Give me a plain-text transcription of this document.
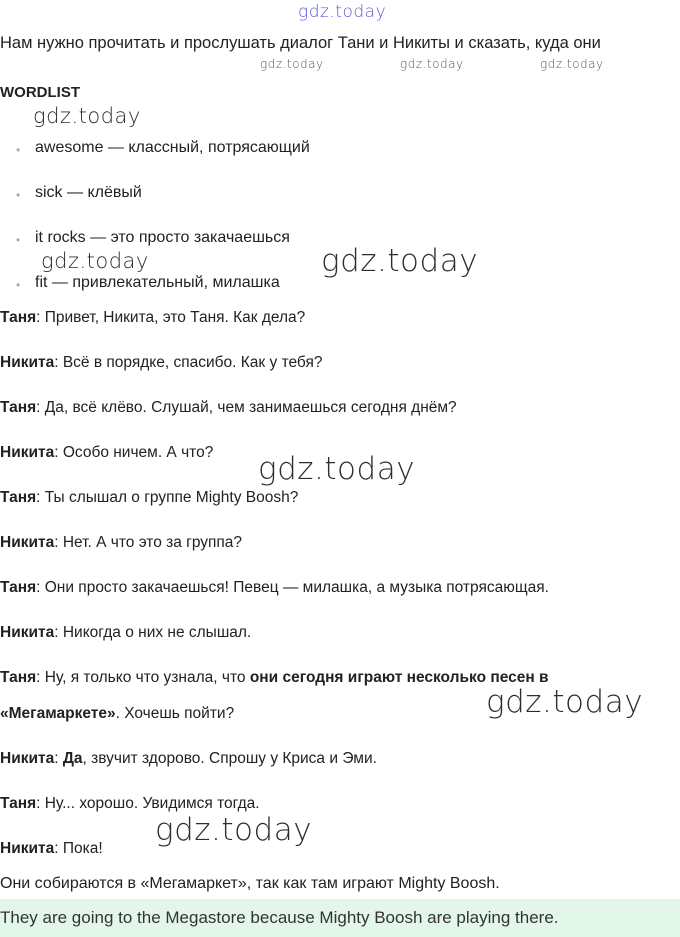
gdz.today
gdz.today	gdz.today	gdz.today
gdz.today
gdz.today	gdz.today
gdz.today
gdz.today
gdz.today
Нам нужно прочитать и прослушать диалог Тани и Никиты и сказать, куда они
WORDLIST
• awesome — классный, потрясающий
• sick — клёвый
• it rocks — это просто закачаешься
• fit — привлекательный, милашка
Таня: Привет, Никита, это Таня. Как дела?
Никита: Всё в порядке, спасибо. Как у тебя?
Таня: Да, всё клёво. Слушай, чем занимаешься сегодня днём?
Никита: Особо ничем. А что?
Таня: Ты слышал о группе Mighty Boosh?
Никита: Нет. А что это за группа?
Таня: Они просто закачаешься! Певец — милашка, а музыка потрясающая.
Никита: Никогда о них не слышал.
Таня: Ну, я только что узнала, что они сегодня играют несколько песен в
«Мегамаркете». Хочешь пойти?
Никита: Да, звучит здорово. Спрошу у Криса и Эми.
Таня: Ну... хорошо. Увидимся тогда.
Никита: Пока!
Они собираются в «Мегамаркет», так как там играют Mighty Boosh.
They are going to the Megastore because Mighty Boosh are playing there.
